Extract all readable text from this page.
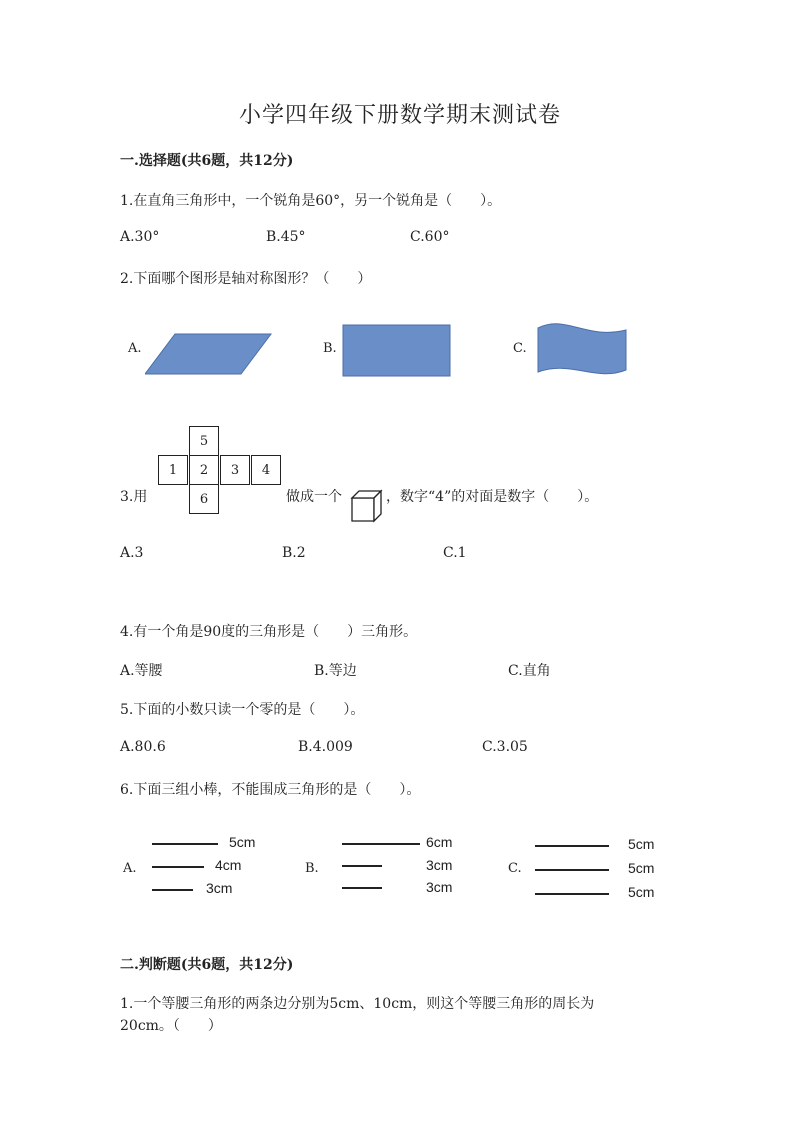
小学四年级下册数学期末测试卷
一.选择题(共6题，共12分)
1.在直角三角形中，一个锐角是60°，另一个锐角是（　　）。
A.30°	B.45°	C.60°
2.下面哪个图形是轴对称图形？（　　）
A.	B.	C.
3.用
5
1	2	3	4
6	做成一个	，数字“4”的对面是数字（　　）。
A.3	B.2	C.1
4.有一个角是90度的三角形是（　　）三角形。
A.等腰	B.等边	C.直角
5.下面的小数只读一个零的是（　　）。
A.80.6	B.4.009	C.3.05
6.下面三组小棒，不能围成三角形的是（　　）。
A.
5cm
4cm
3cm
B.
6cm
3cm
3cm
C.
5cm
5cm
5cm
二.判断题(共6题，共12分)
1.一个等腰三角形的两条边分别为5cm、10cm，则这个等腰三角形的周长为
20cm。（　　）
